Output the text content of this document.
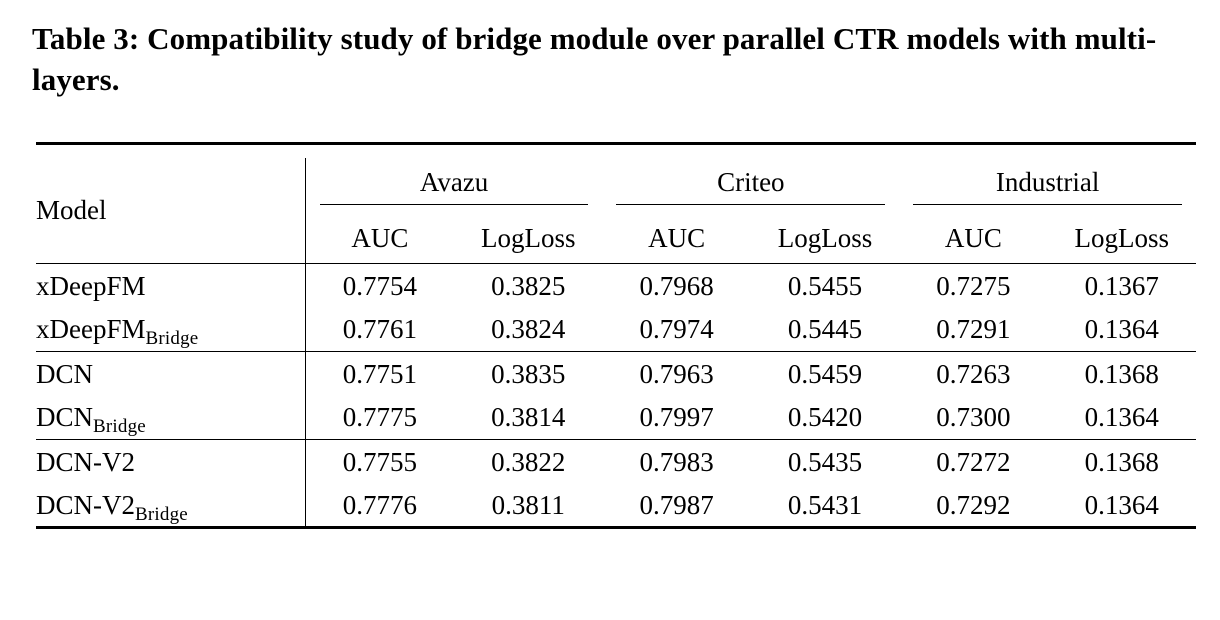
Table 3: Compatibility study of bridge module over parallel CTR models with multi-layers.

Model	Avazu		Criteo		Industrial	

	AUC	LogLoss	AUC	LogLoss	AUC	LogLoss
xDeepFM	0.7754	0.3825	0.7968	0.5455	0.7275	0.1367
xDeepFM$_{Bridge}$	0.7761	0.3824	0.7974	0.5445	0.7291	0.1364
DCN	0.7751	0.3835	0.7963	0.5459	0.7263	0.1368
$DCN_{Bridge}$	0.7775	0.3814	0.7997	0.5420	0.7300	0.1364
DCN-V2	0.7755	0.3822	0.7983	0.5435	0.7272	0.1368
DCN-$V2_{Bridge}$	0.7776	0.3811	0.7987	0.5431	0.7292	0.1364
